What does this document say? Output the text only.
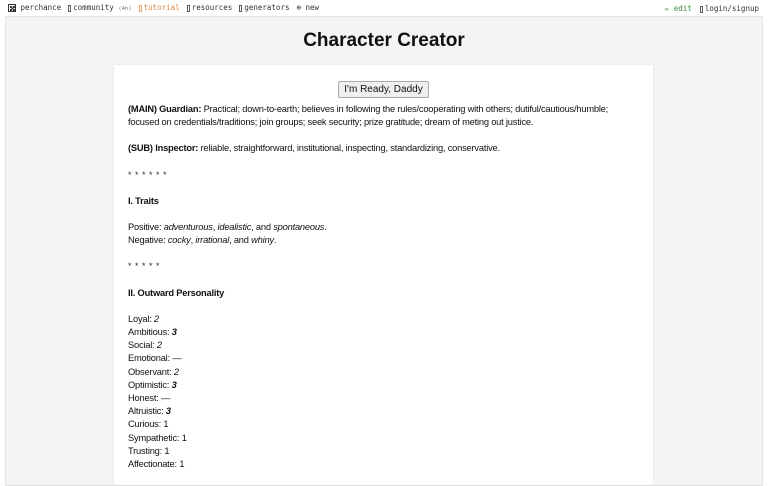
perchance	community (4h)	tutorial	resources	generators ⊕ new	✏ edit	login/signup
Character Creator
I'm Ready, Daddy

(MAIN) Guardian: Practical; down-to-earth; believes in following the rules/cooperating with others; dutiful/cautious/humble; focused on credentials/traditions; join groups; seek security; prize gratitude; dream of meting out justice.

(SUB) Inspector: reliable, straightforward, institutional, inspecting, standardizing, conservative.

* * * * * *

I. Traits

Positive: adventurous, idealistic, and spontaneous.
Negative: cocky, irrational, and whiny.

* * * * *

II. Outward Personality

Loyal: 2
Ambitious: 3
Social: 2
Emotional: —
Observant: 2
Optimistic: 3
Honest: —
Altruistic: 3
Curious: 1
Sympathetic: 1
Trusting: 1
Affectionate: 1
